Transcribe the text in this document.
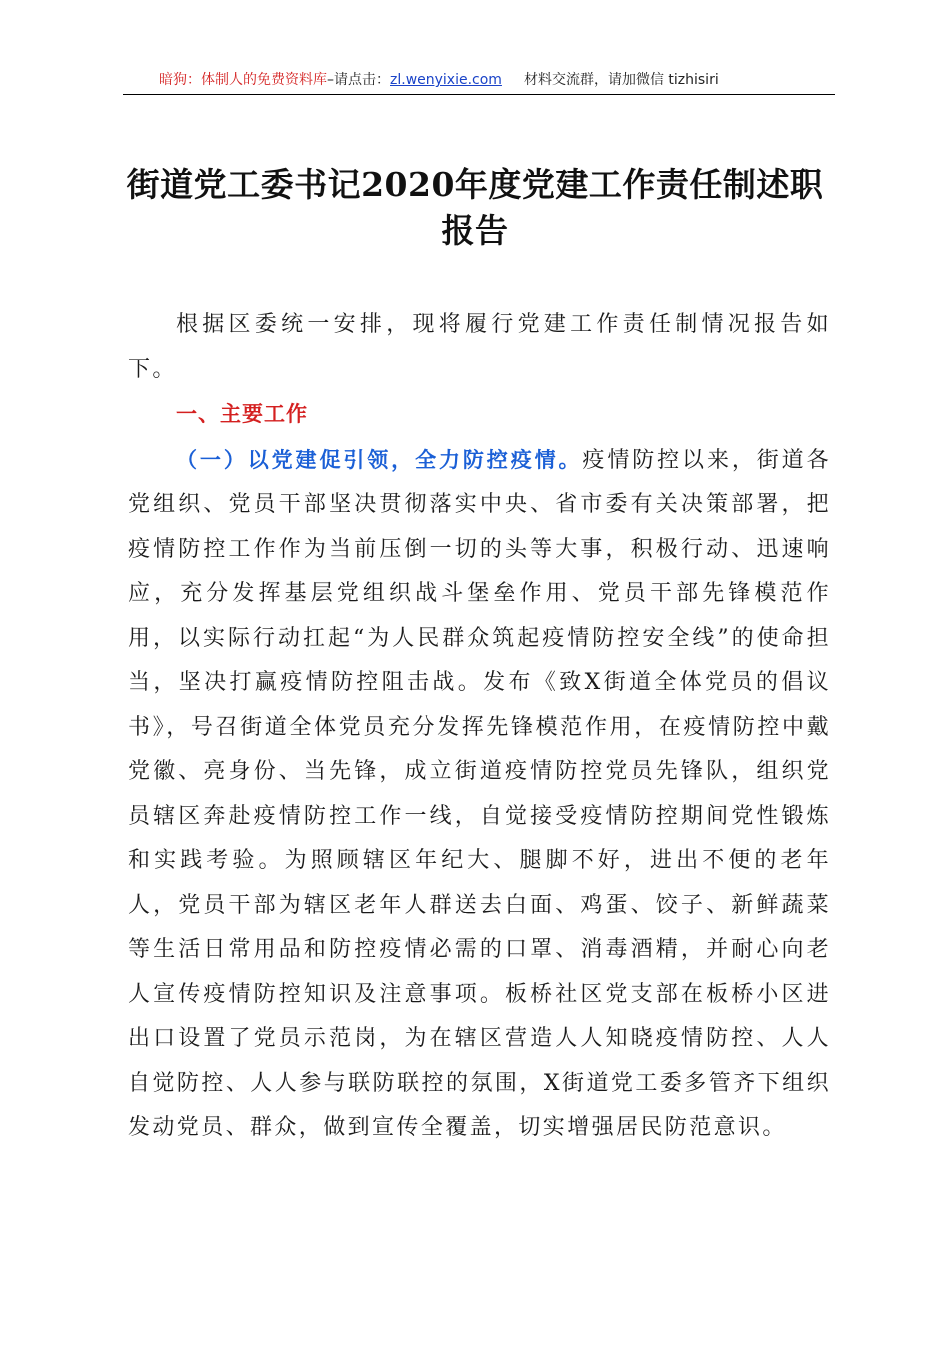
暗狗：体制人的免费资料库–请点击：zl.wenyixie.com 材料交流群，请加微信 tizhisiri
街道党工委书记2020年度党建工作责任制述职报告

根据区委统一安排，现将履行党建工作责任制情况报告如下。

一、主要工作

（一）以党建促引领，全力防控疫情。疫情防控以来，街道各党组织、党员干部坚决贯彻落实中央、省市委有关决策部署，把疫情防控工作作为当前压倒一切的头等大事，积极行动、迅速响应，充分发挥基层党组织战斗堡垒作用、党员干部先锋模范作用，以实际行动扛起“为人民群众筑起疫情防控安全线”的使命担当，坚决打赢疫情防控阻击战。发布《致X街道全体党员的倡议书》，号召街道全体党员充分发挥先锋模范作用，在疫情防控中戴党徽、亮身份、当先锋，成立街道疫情防控党员先锋队，组织党员辖区奔赴疫情防控工作一线，自觉接受疫情防控期间党性锻炼和实践考验。为照顾辖区年纪大、腿脚不好，进出不便的老年人，党员干部为辖区老年人群送去白面、鸡蛋、饺子、新鲜蔬菜等生活日常用品和防控疫情必需的口罩、消毒酒精，并耐心向老人宣传疫情防控知识及注意事项。板桥社区党支部在板桥小区进出口设置了党员示范岗，为在辖区营造人人知晓疫情防控、人人自觉防控、人人参与联防联控的氛围，X街道党工委多管齐下组织发动党员、群众，做到宣传全覆盖，切实增强居民防范意识。
